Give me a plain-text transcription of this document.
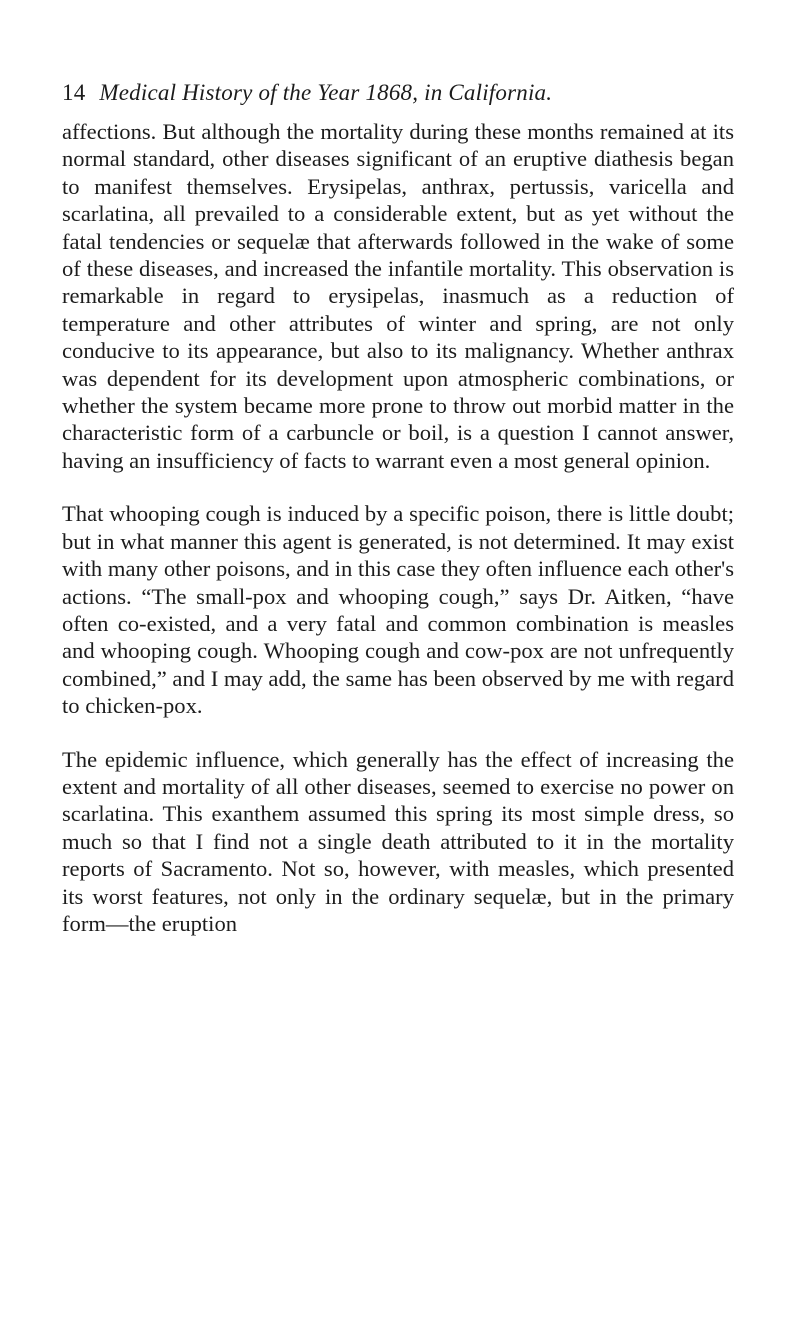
14 Medical History of the Year 1868, in California.

affections. But although the mortality during these months remained at its normal standard, other diseases significant of an eruptive diathesis began to manifest themselves. Erysipelas, anthrax, pertussis, varicella and scarlatina, all prevailed to a considerable extent, but as yet without the fatal tendencies or sequelæ that afterwards followed in the wake of some of these diseases, and increased the infantile mortality. This observation is remarkable in regard to erysipelas, inasmuch as a reduction of temperature and other attributes of winter and spring, are not only conducive to its appearance, but also to its malignancy. Whether anthrax was dependent for its development upon atmospheric combinations, or whether the system became more prone to throw out morbid matter in the characteristic form of a carbuncle or boil, is a question I cannot answer, having an insufficiency of facts to warrant even a most general opinion.

That whooping cough is induced by a specific poison, there is little doubt; but in what manner this agent is generated, is not determined. It may exist with many other poisons, and in this case they often influence each other's actions. “The small-pox and whooping cough,” says Dr. Aitken, “have often co-existed, and a very fatal and common combination is measles and whooping cough. Whooping cough and cow-pox are not unfrequently combined,” and I may add, the same has been observed by me with regard to chicken-pox.

The epidemic influence, which generally has the effect of increasing the extent and mortality of all other diseases, seemed to exercise no power on scarlatina. This exanthem assumed this spring its most simple dress, so much so that I find not a single death attributed to it in the mortality reports of Sacramento. Not so, however, with measles, which presented its worst features, not only in the ordinary sequelæ, but in the primary form—the eruption
